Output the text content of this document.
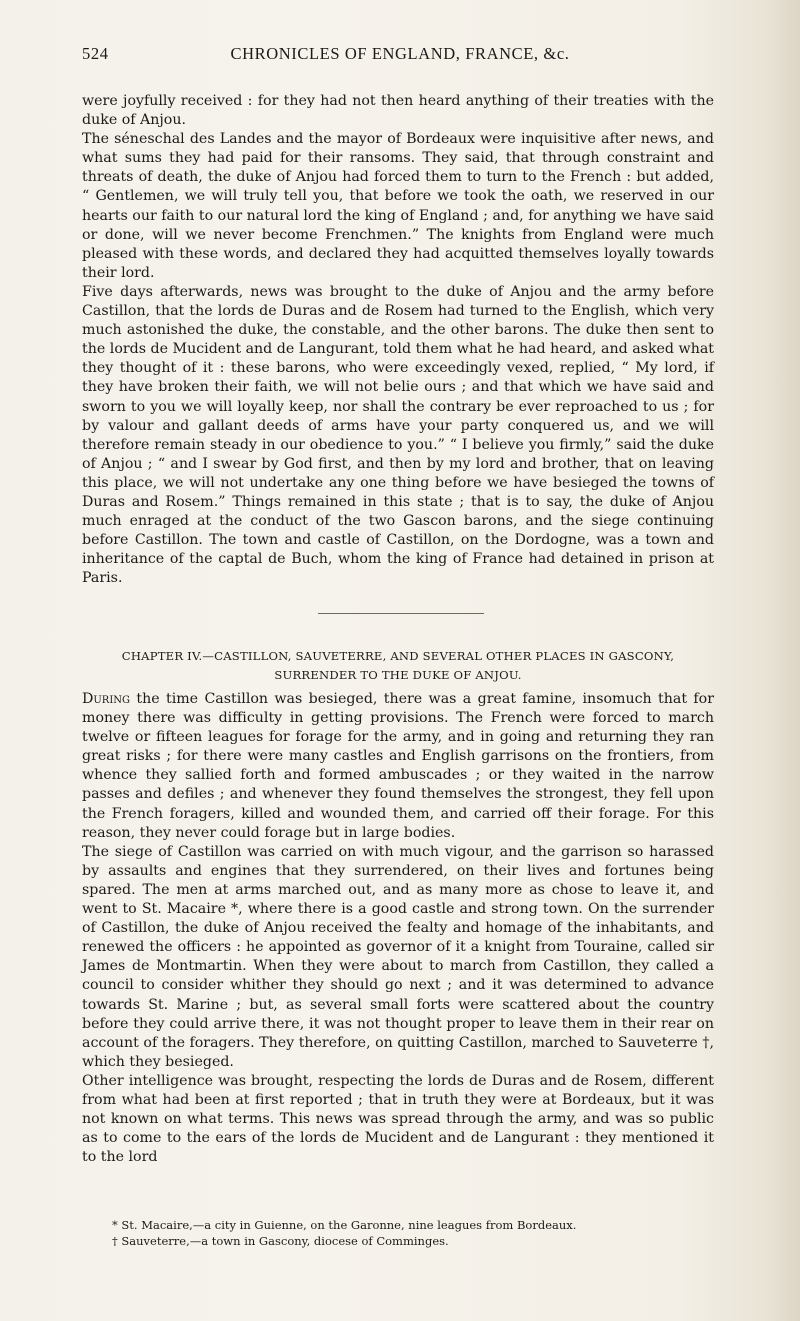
524	CHRONICLES OF ENGLAND, FRANCE, &c.

were joyfully received : for they had not then heard anything of their treaties with the duke of Anjou.

The séneschal des Landes and the mayor of Bordeaux were inquisitive after news, and what sums they had paid for their ransoms. They said, that through constraint and threats of death, the duke of Anjou had forced them to turn to the French : but added, “ Gentlemen, we will truly tell you, that before we took the oath, we reserved in our hearts our faith to our natural lord the king of England ; and, for anything we have said or done, will we never become Frenchmen.” The knights from England were much pleased with these words, and declared they had acquitted themselves loyally towards their lord.

Five days afterwards, news was brought to the duke of Anjou and the army before Castillon, that the lords de Duras and de Rosem had turned to the English, which very much astonished the duke, the constable, and the other barons. The duke then sent to the lords de Mucident and de Langurant, told them what he had heard, and asked what they thought of it : these barons, who were exceedingly vexed, replied, “ My lord, if they have broken their faith, we will not belie ours ; and that which we have said and sworn to you we will loyally keep, nor shall the contrary be ever reproached to us ; for by valour and gallant deeds of arms have your party conquered us, and we will therefore remain steady in our obedience to you.” “ I believe you firmly,” said the duke of Anjou ; “ and I swear by God first, and then by my lord and brother, that on leaving this place, we will not undertake any one thing before we have besieged the towns of Duras and Rosem.” Things remained in this state ; that is to say, the duke of Anjou much enraged at the conduct of the two Gascon barons, and the siege continuing before Castillon. The town and castle of Castillon, on the Dordogne, was a town and inheritance of the captal de Buch, whom the king of France had detained in prison at Paris.

CHAPTER IV.—CASTILLON, SAUVETERRE, AND SEVERAL OTHER PLACES IN GASCONY,
SURRENDER TO THE DUKE OF ANJOU.

During the time Castillon was besieged, there was a great famine, insomuch that for money there was difficulty in getting provisions. The French were forced to march twelve or fifteen leagues for forage for the army, and in going and returning they ran great risks ; for there were many castles and English garrisons on the frontiers, from whence they sallied forth and formed ambuscades ; or they waited in the narrow passes and defiles ; and whenever they found themselves the strongest, they fell upon the French foragers, killed and wounded them, and carried off their forage. For this reason, they never could forage but in large bodies.

The siege of Castillon was carried on with much vigour, and the garrison so harassed by assaults and engines that they surrendered, on their lives and fortunes being spared. The men at arms marched out, and as many more as chose to leave it, and went to St. Macaire *, where there is a good castle and strong town. On the surrender of Castillon, the duke of Anjou received the fealty and homage of the inhabitants, and renewed the officers : he appointed as governor of it a knight from Touraine, called sir James de Montmartin. When they were about to march from Castillon, they called a council to consider whither they should go next ; and it was determined to advance towards St. Marine ; but, as several small forts were scattered about the country before they could arrive there, it was not thought proper to leave them in their rear on account of the foragers. They therefore, on quitting Castillon, marched to Sauveterre †, which they besieged.

Other intelligence was brought, respecting the lords de Duras and de Rosem, different from what had been at first reported ; that in truth they were at Bordeaux, but it was not known on what terms. This news was spread through the army, and was so public as to come to the ears of the lords de Mucident and de Langurant : they mentioned it to the lord

* St. Macaire,—a city in Guienne, on the Garonne, nine leagues from Bordeaux.
† Sauveterre,—a town in Gascony, diocese of Comminges.
